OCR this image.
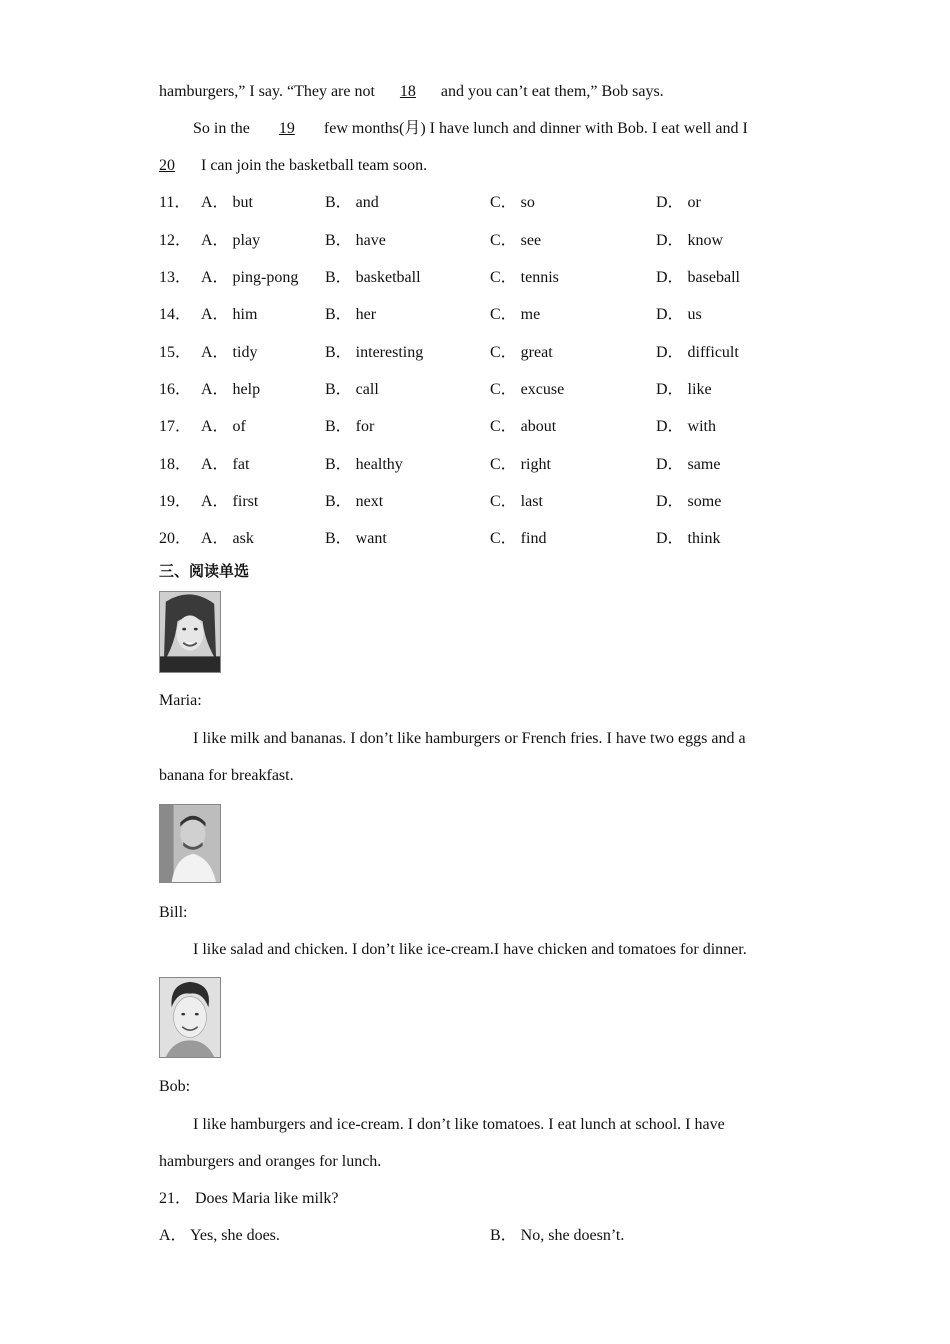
hamburgers,” I say. “They are not 18 and you can’t eat them,” Bob says.
So in the 19 few months(月) I have lunch and dinner with Bob. I eat well and I
20 I can join the basketball team soon.
11． A． but	B． and	C． so	D． or
12． A． play	B． have	C． see	D． know
13． A． ping-pong B． basketball	C． tennis	D． baseball
14． A． him	B． her	C． me	D． us
15． A． tidy	B． interesting	C． great	D． difficult
16． A． help	B． call	C． excuse	D． like
17． A． of	B． for	C． about	D． with
18． A． fat	B． healthy	C． right	D． same
19． A． first	B． next	C． last	D． some
20． A． ask	B． want	C． find	D． think
三、阅读单选
Maria:
I like milk and bananas. I don’t like hamburgers or French fries. I have two eggs and a
banana for breakfast.
Bill:
I like salad and chicken. I don’t like ice-cream.I have chicken and tomatoes for dinner.
Bob:
I like hamburgers and ice-cream. I don’t like tomatoes. I eat lunch at school. I have
hamburgers and oranges for lunch.
21． Does Maria like milk?
A． Yes, she does.	B． No, she doesn’t.
